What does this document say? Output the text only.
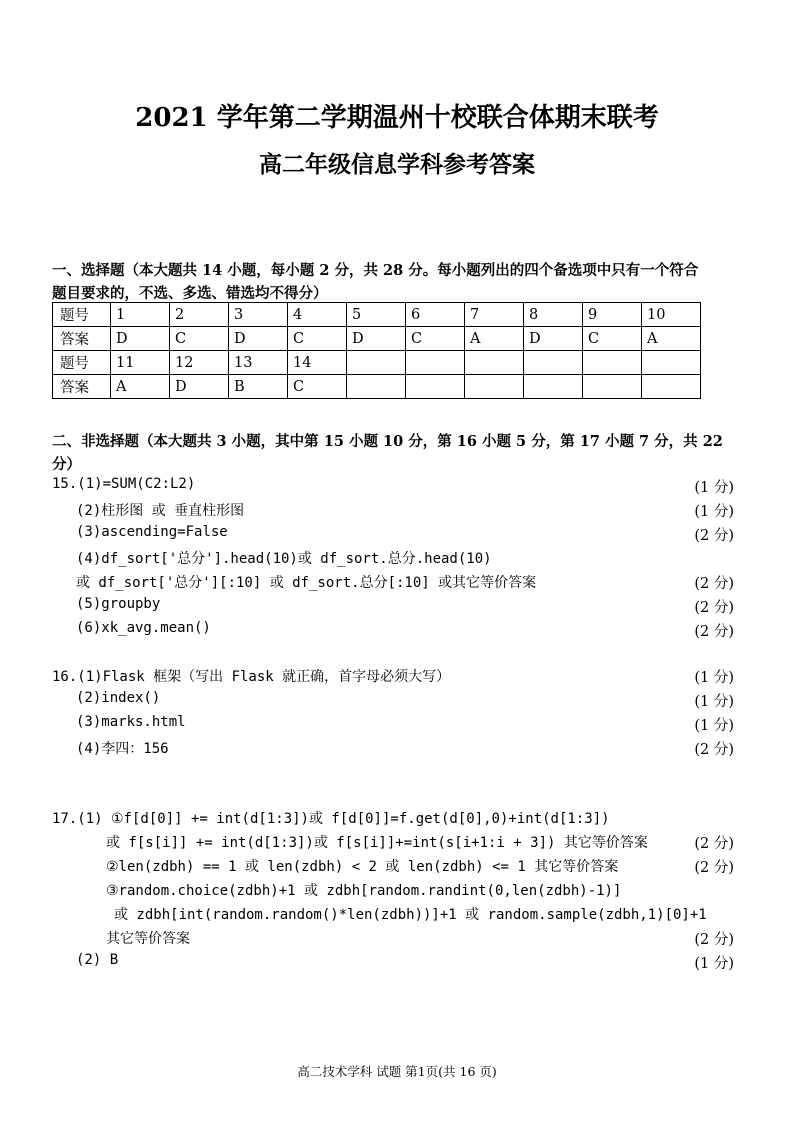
2021 学年第二学期温州十校联合体期末联考
高二年级信息学科参考答案
一、选择题（本大题共 14 小题，每小题 2 分，共 28 分。每小题列出的四个备选项中只有一个符合
题目要求的，不选、多选、错选均不得分）
题号	1	2	3	4	5	6	7	8	9	10
答案	D	C	D	C	D	C	A	D	C	A
题号	11	12	13	14						
答案	A	D	B	C						
二、非选择题（本大题共 3 小题，其中第 15 小题 10 分，第 16 小题 5 分，第 17 小题 7 分，共 22
分）
15.(1)=SUM(C2:L2)	(1 分)
(2)柱形图 或 垂直柱形图	(1 分)
(3)ascending=False	(2 分)
(4)df_sort['总分'].head(10)或 df_sort.总分.head(10)
或 df_sort['总分'][:10] 或 df_sort.总分[:10] 或其它等价答案	(2 分)
(5)groupby	(2 分)
(6)xk_avg.mean()	(2 分)
16.(1)Flask 框架（写出 Flask 就正确，首字母必须大写）	(1 分)
(2)index()	(1 分)
(3)marks.html	(1 分)
(4)李四：156	(2 分)
17.(1) ①f[d[0]] += int(d[1:3])或 f[d[0]]=f.get(d[0],0)+int(d[1:3])
或 f[s[i]] += int(d[1:3])或 f[s[i]]+=int(s[i+1:i + 3]) 其它等价答案	(2 分)
②len(zdbh) == 1 或 len(zdbh) < 2 或 len(zdbh) <= 1 其它等价答案	(2 分)
③random.choice(zdbh)+1 或 zdbh[random.randint(0,len(zdbh)-1)]
或 zdbh[int(random.random()*len(zdbh))]+1 或 random.sample(zdbh,1)[0]+1
其它等价答案	(2 分)
(2) B	(1 分)
高二技术学科 试题 第1页(共 16 页)
